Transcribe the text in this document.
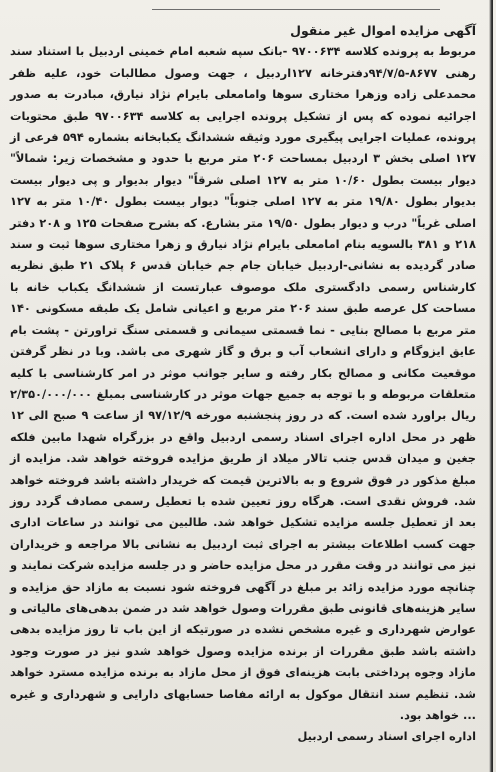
آگهی مزایده اموال غیر منقول

مربوط به پرونده کلاسه ۹۷۰۰۶۳۴ -بانک سپه شعبه امام خمینی اردبیل با استناد سند رهنی ۸۶۷۷-۹۴/۷/۵دفترخانه ۱۲۷اردبیل ، جهت وصول مطالبات خود، علیه ظفر محمدعلی زاده وزهرا مختاری سوها وامامعلی بایرام نژاد نیارق، مبادرت به صدور اجرائیه نموده که پس از تشکیل پرونده اجرایی به کلاسه ۹۷۰۰۶۳۴ طبق محتویات پرونده، عملیات اجرایی پیگیری مورد وثیقه ششدانگ یکبابخانه بشماره ۵۹۴ فرعی از ۱۲۷ اصلی بخش ۳ اردبیل بمساحت ۲۰۶ متر مربع با حدود و مشخصات زیر: شمالاً" دیوار بیست بطول ۱۰/۶۰ متر به ۱۲۷ اصلی شرقاً" دیوار بدیوار و پی دیوار بیست بدیوار بطول ۱۹/۸۰ متر به ۱۲۷ اصلی جنوباً" دیوار بیست بطول ۱۰/۴۰ متر به ۱۲۷ اصلی غرباً" درب و دیوار بطول ۱۹/۵۰ متر بشارع. که بشرح صفحات ۱۲۵ و ۲۰۸ دفتر ۲۱۸ و ۳۸۱ بالسویه بنام امامعلی بایرام نژاد نیارق و زهرا مختاری سوها ثبت و سند صادر گردیده به نشانی-اردبیل خیابان جام جم خیابان قدس ۶ پلاک ۲۱ طبق نظریه کارشناس رسمی دادگستری ملک موصوف عبارتست از ششدانگ یکباب خانه با مساحت کل عرصه طبق سند ۲۰۶ متر مربع و اعیانی شامل یک طبقه مسکونی ۱۴۰ متر مربع با مصالح بنایی - نما قسمتی سیمانی و قسمتی سنگ تراورتن - پشت بام عایق ایزوگام و دارای انشعاب آب و برق و گاز شهری می باشد. وبا در نظر گرفتن موقعیت مکانی و مصالح بکار رفته و سایر جوانب موثر در امر کارشناسی با کلیه متعلقات مربوطه و با توجه به جمیع جهات موثر در کارشناسی بمبلغ ۲/۳۵۰/۰۰۰/۰۰۰ ریال براورد شده است. که در روز پنجشنبه مورخه ۹۷/۱۲/۹ از ساعت ۹ صبح الی ۱۲ ظهر در محل اداره اجرای اسناد رسمی اردبیل واقع در بزرگراه شهدا مابین فلکه جغین و میدان قدس جنب تالار میلاد از طریق مزایده فروخته خواهد شد. مزایده از مبلغ مذکور در فوق شروع و به بالاترین قیمت که خریدار داشته باشد فروخته خواهد شد. فروش نقدی است. هرگاه روز تعیین شده با تعطیل رسمی مصادف گردد روز بعد از تعطیل جلسه مزایده تشکیل خواهد شد. طالبین می توانند در ساعات اداری جهت کسب اطلاعات بیشتر به اجرای ثبت اردبیل به نشانی بالا مراجعه و خریداران نیز می توانند در وقت مقرر در محل مزایده حاضر و در جلسه مزایده شرکت نمایند و چنانچه مورد مزایده زائد بر مبلغ در آگهی فروخته شود نسبت به مازاد حق مزایده و سایر هزینه‌های قانونی طبق مقررات وصول خواهد شد در ضمن بدهی‌های مالیاتی و عوارض شهرداری و غیره مشخص نشده در صورتیکه از این باب تا روز مزایده بدهی داشته باشد طبق مقررات از برنده مزایده وصول خواهد شدو نیز در صورت وجود مازاد وجوه پرداختی بابت هزینه‌ای فوق از محل مازاد به برنده مزایده مسترد خواهد شد. تنظیم سند انتقال موکول به ارائه مفاصا حسابهای دارایی و شهرداری و غیره ... خواهد بود.

اداره اجرای اسناد رسمی اردبیل
